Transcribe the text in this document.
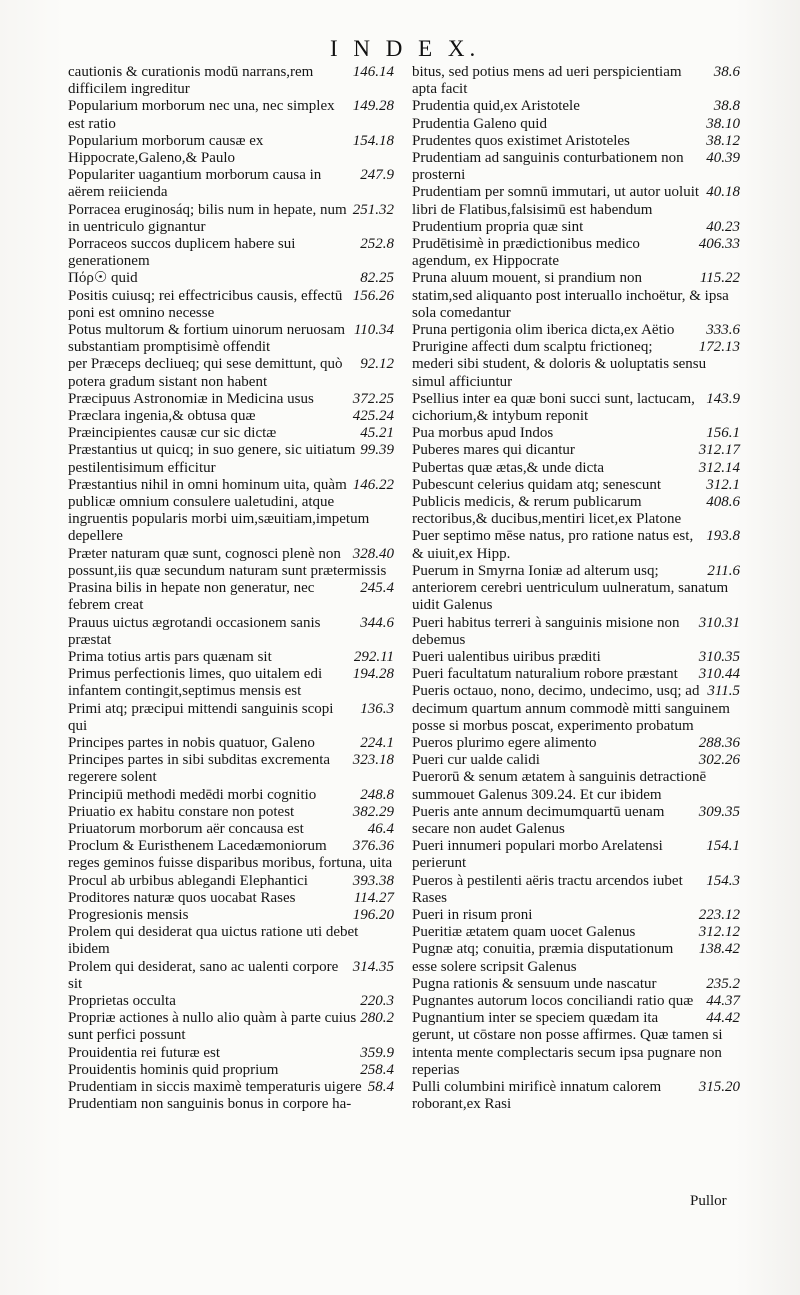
I N D E X.
146.14
cautionis & curationis modū narrans,rem difficilem ingreditur
149.28
Popularium morborum nec una, nec simplex est ratio
154.18
Popularium morborum causæ ex Hippocrate,Galeno,& Paulo
247.9
Populariter uagantium morborum causa in aërem reiicienda
251.32
Porracea eruginosáq; bilis num in hepate, num in uentriculo gignantur
252.8
Porraceos succos duplicem habere sui generationem
82.25
Πόρ☉ quid
156.26
Positis cuiusq; rei effectricibus causis, effectū poni est omnino necesse
110.34
Potus multorum & fortium uinorum neruosam substantiam promptisimè offendit
92.12
per Præceps decliueq; qui sese demittunt, quò potera gradum sistant non habent
372.25
Præcipuus Astronomiæ in Medicina usus
425.24
Præclara ingenia,& obtusa quæ
45.21
Præincipientes causæ cur sic dictæ
99.39
Præstantius ut quicq; in suo genere, sic uitiatum pestilentisimum efficitur
146.22
Præstantius nihil in omni hominum uita, quàm publicæ omnium consulere ualetudini, atque ingruentis popularis morbi uim,sæuitiam,impetum depellere
328.40
Præter naturam quæ sunt, cognosci plenè non possunt,iis quæ secundum naturam sunt prætermissis
245.4
Prasina bilis in hepate non generatur, nec febrem creat
344.6
Prauus uictus ægrotandi occasionem sanis præstat
292.11
Prima totius artis pars quænam sit
194.28
Primus perfectionis limes, quo uitalem edi infantem contingit,septimus mensis est
136.3
Primi atq; præcipui mittendi sanguinis scopi qui
224.1
Principes partes in nobis quatuor, Galeno
323.18
Principes partes in sibi subditas excrementa regerere solent
248.8
Principiū methodi medēdi morbi cognitio
382.29
Priuatio ex habitu constare non potest
46.4
Priuatorum morborum aër concausa est
376.36
Proclum & Euristhenem Lacedæmoniorum reges geminos fuisse disparibus moribus, fortuna, uita
393.38
Procul ab urbibus ablegandi Elephantici
114.27
Proditores naturæ quos uocabat Rases
196.20
Progresionis mensis
Prolem qui desiderat qua uictus ratione uti debet ibidem
314.35
Prolem qui desiderat, sano ac ualenti corpore sit
220.3
Proprietas occulta
280.2
Propriæ actiones à nullo alio quàm à parte cuius sunt perfici possunt
359.9
Prouidentia rei futuræ est
258.4
Prouidentis hominis quid proprium
58.4
Prudentiam in siccis maximè temperaturis uigere
Prudentiam non sanguinis bonus in corpore ha-
38.6
bitus, sed potius mens ad ueri perspicientiam apta facit
38.8
Prudentia quid,ex Aristotele
38.10
Prudentia Galeno quid
38.12
Prudentes quos existimet Aristoteles
40.39
Prudentiam ad sanguinis conturbationem non prosterni
40.18
Prudentiam per somnū immutari, ut autor uoluit libri de Flatibus,falsisimū est habendum
40.23
Prudentium propria quæ sint
406.33
Prudētisimè in prædictionibus medico agendum, ex Hippocrate
115.22
Pruna aluum mouent, si prandium non statim,sed aliquanto post interuallo inchoëtur, & ipsa sola comedantur
333.6
Pruna pertigonia olim iberica dicta,ex Aëtio
172.13
Prurigine affecti dum scalptu frictioneq; mederi sibi student, & doloris & uoluptatis sensu simul afficiuntur
143.9
Psellius inter ea quæ boni succi sunt, lactucam, cichorium,& intybum reponit
156.1
Pua morbus apud Indos
312.17
Puberes mares qui dicantur
312.14
Pubertas quæ ætas,& unde dicta
312.1
Pubescunt celerius quidam atq; senescunt
408.6
Publicis medicis, & rerum publicarum rectoribus,& ducibus,mentiri licet,ex Platone
193.8
Puer septimo mēse natus, pro ratione natus est, & uiuit,ex Hipp.
211.6
Puerum in Smyrna Ioniæ ad alterum usq; anteriorem cerebri uentriculum uulneratum, sanatum uidit Galenus
310.31
Pueri habitus terreri à sanguinis misione non debemus
310.35
Pueri ualentibus uiribus præditi
310.44
Pueri facultatum naturalium robore præstant
311.5
Pueris octauo, nono, decimo, undecimo, usq; ad decimum quartum annum commodè mitti sanguinem posse si morbus poscat, experimento probatum
288.36
Pueros plurimo egere alimento
302.26
Pueri cur ualde calidi
Puerorū & senum ætatem à sanguinis detractionē summouet Galenus 309.24. Et cur ibidem
309.35
Pueris ante annum decimumquartū uenam secare non audet Galenus
154.1
Pueri innumeri populari morbo Arelatensi perierunt
154.3
Pueros à pestilenti aëris tractu arcendos iubet Rases
223.12
Pueri in risum proni
312.12
Pueritiæ ætatem quam uocet Galenus
138.42
Pugnæ atq; conuitia, præmia disputationum esse solere scripsit Galenus
235.2
Pugna rationis & sensuum unde nascatur
44.37
Pugnantes autorum locos conciliandi ratio quæ
44.42
Pugnantium inter se speciem quædam ita gerunt, ut cōstare non posse affirmes. Quæ tamen si intenta mente complectaris secum ipsa pugnare non reperias
315.20
Pulli columbini mirificè innatum calorem roborant,ex Rasi
Pullor
